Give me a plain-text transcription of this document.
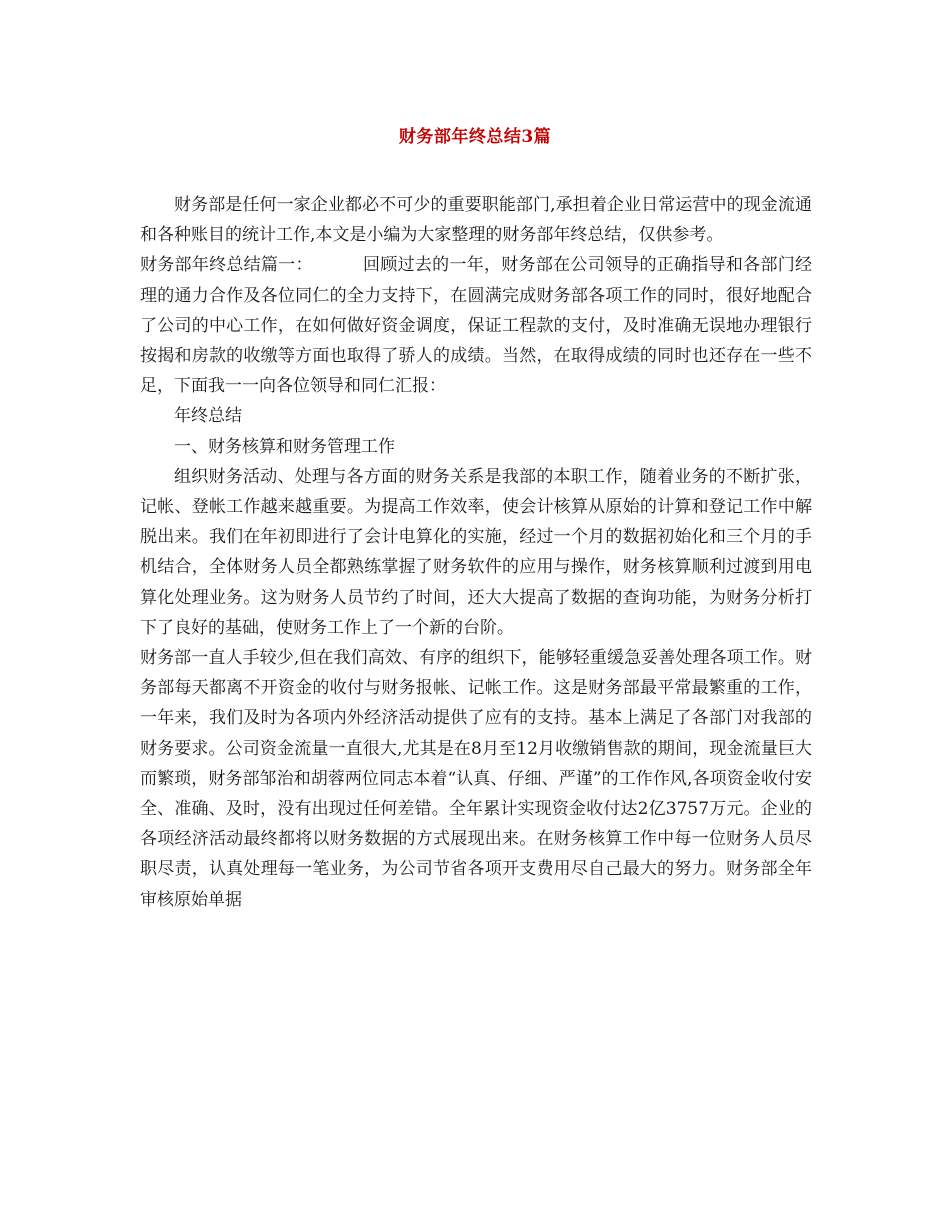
财务部年终总结3篇

财务部是任何一家企业都必不可少的重要职能部门,承担着企业日常运营中的现金流通和各种账目的统计工作,本文是小编为大家整理的财务部年终总结，仅供参考。

财务部年终总结篇一：	回顾过去的一年，财务部在公司领导的正确指导和各部门经理的通力合作及各位同仁的全力支持下，在圆满完成财务部各项工作的同时，很好地配合了公司的中心工作，在如何做好资金调度，保证工程款的支付，及时准确无误地办理银行按揭和房款的收缴等方面也取得了骄人的成绩。当然，在取得成绩的同时也还存在一些不足，下面我一一向各位领导和同仁汇报：

年终总结

一、财务核算和财务管理工作

组织财务活动、处理与各方面的财务关系是我部的本职工作，随着业务的不断扩张，记帐、登帐工作越来越重要。为提高工作效率，使会计核算从原始的计算和登记工作中解脱出来。我们在年初即进行了会计电算化的实施，经过一个月的数据初始化和三个月的手机结合，全体财务人员全都熟练掌握了财务软件的应用与操作，财务核算顺利过渡到用电算化处理业务。这为财务人员节约了时间，还大大提高了数据的查询功能，为财务分析打下了良好的基础，使财务工作上了一个新的台阶。

财务部一直人手较少,但在我们高效、有序的组织下，能够轻重缓急妥善处理各项工作。财务部每天都离不开资金的收付与财务报帐、记帐工作。这是财务部最平常最繁重的工作，一年来，我们及时为各项内外经济活动提供了应有的支持。基本上满足了各部门对我部的财务要求。公司资金流量一直很大,尤其是在8月至12月收缴销售款的期间，现金流量巨大而繁琐，财务部邹治和胡蓉两位同志本着“认真、仔细、严谨”的工作作风,各项资金收付安全、准确、及时，没有出现过任何差错。全年累计实现资金收付达2亿3757万元。企业的各项经济活动最终都将以财务数据的方式展现出来。在财务核算工作中每一位财务人员尽职尽责，认真处理每一笔业务，为公司节省各项开支费用尽自己最大的努力。财务部全年审核原始单据
